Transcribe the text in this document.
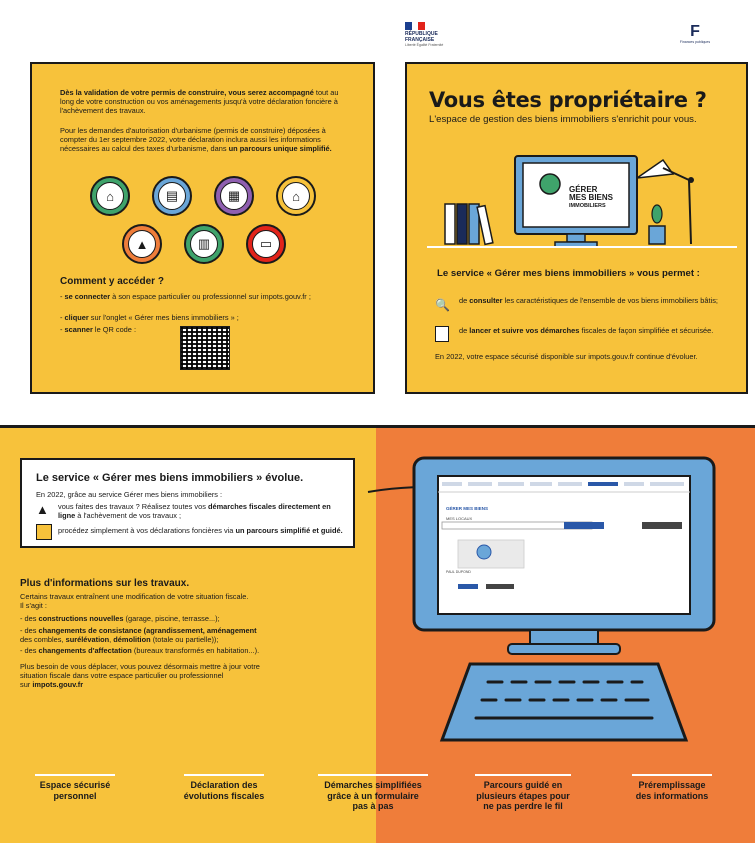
RÉPUBLIQUE FRANÇAISE
Liberté Égalité Fraternité
F
Finances publiques
Dès la validation de votre permis de construire, vous serez accompagné tout au long de votre construction ou vos aménagements jusqu'à votre déclaration foncière à l'achèvement des travaux.
Pour les demandes d'autorisation d'urbanisme (permis de construire) déposées à compter du 1er septembre 2022, votre déclaration inclura aussi les informations nécessaires au calcul des taxes d'urbanisme, dans un parcours unique simplifié.
⌂	▤	▦	⌂
▲	▥	▭
Comment y accéder ?
- se connecter à son espace particulier ou professionnel sur impots.gouv.fr ;
- cliquer sur l'onglet « Gérer mes biens immobiliers » ;
- scanner le QR code :
Vous êtes propriétaire ?
L'espace de gestion des biens immobiliers s'enrichit pour vous.
GÉRER
MES BIENS
IMMOBILIERS
Le service « Gérer mes biens immobiliers » vous permet :
🔍 de consulter les caractéristiques de l'ensemble de vos biens immobiliers bâtis;
de lancer et suivre vos démarches fiscales de façon simplifiée et sécurisée.
En 2022, votre espace sécurisé disponible sur impots.gouv.fr continue d'évoluer.
Le service « Gérer mes biens immobiliers » évolue.
En 2022, grâce au service Gérer mes biens immobiliers :
▲ vous faites des travaux ? Réalisez toutes vos démarches fiscales directement en ligne à l'achèvement de vos travaux ;
procédez simplement à vos déclarations foncières via un parcours simplifié et guidé.
Plus d'informations sur les travaux.
Certains travaux entraînent une modification de votre situation fiscale.
Il s'agit :
- des constructions nouvelles (garage, piscine, terrasse...);
- des changements de consistance (agrandissement, aménagement
des combles, surélévation, démolition (totale ou partielle));
- des changements d'affectation (bureaux transformés en habitation...).
Plus besoin de vous déplacer, vous pouvez désormais mettre à jour votre
situation fiscale dans votre espace particulier ou professionnel
sur impots.gouv.fr
GÉRER MES BIENS
MES LOCAUX
PAUL DUPOND
Espace sécurisé
personnel
Déclaration des
évolutions fiscales
Démarches simplifiées
grâce à un formulaire
pas à pas
Parcours guidé en
plusieurs étapes pour
ne pas perdre le fil
Préremplissage
des informations
